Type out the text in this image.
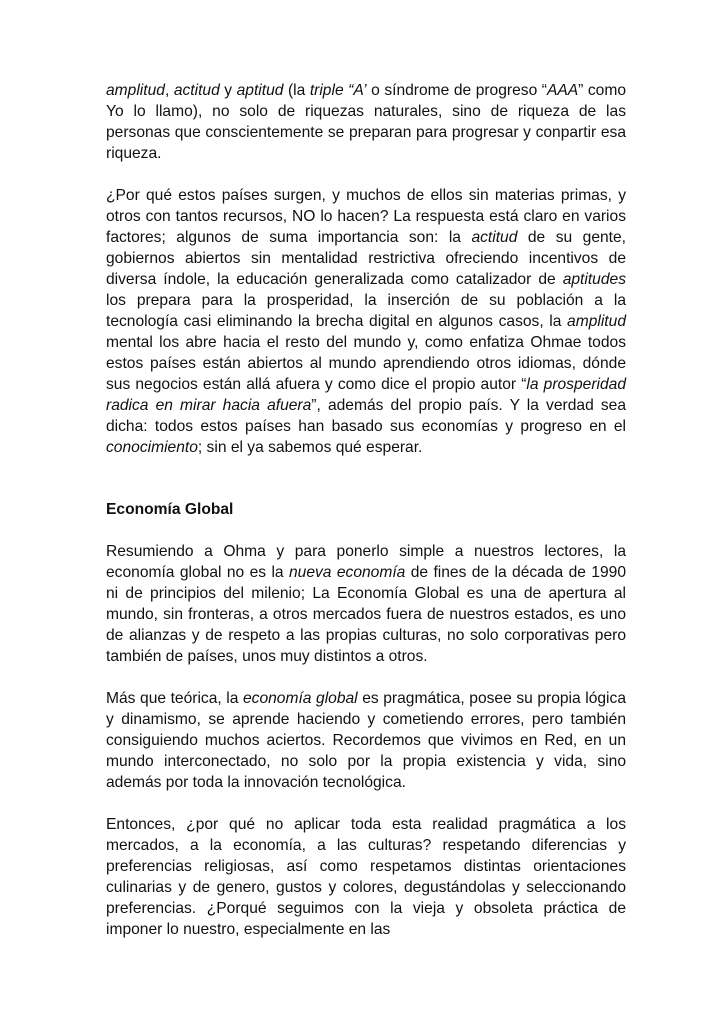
amplitud, actitud y aptitud (la triple “A’ o síndrome de progreso “AAA” como Yo lo llamo), no solo de riquezas naturales, sino de riqueza de las personas que conscientemente se preparan para progresar y conpartir esa riqueza.

¿Por qué estos países surgen, y muchos de ellos sin materias primas, y otros con tantos recursos, NO lo hacen? La respuesta está claro en varios factores; algunos de suma importancia son: la actitud de su gente, gobiernos abiertos sin mentalidad restrictiva ofreciendo incentivos de diversa índole, la educación generalizada como catalizador de aptitudes los prepara para la prosperidad, la inserción de su población a la tecnología casi eliminando la brecha digital en algunos casos, la amplitud mental los abre hacia el resto del mundo y, como enfatiza Ohmae todos estos países están abiertos al mundo aprendiendo otros idiomas, dónde sus negocios están allá afuera y como dice el propio autor “la prosperidad radica en mirar hacia afuera”, además del propio país. Y la verdad sea dicha: todos estos países han basado sus economías y progreso en el conocimiento; sin el ya sabemos qué esperar.

Economía Global

Resumiendo a Ohma y para ponerlo simple a nuestros lectores, la economía global no es la nueva economía de fines de la década de 1990 ni de principios del milenio; La Economía Global es una de apertura al mundo, sin fronteras, a otros mercados fuera de nuestros estados, es uno de alianzas y de respeto a las propias culturas, no solo corporativas pero también de países, unos muy distintos a otros.

Más que teórica, la economía global es pragmática, posee su propia lógica y dinamismo, se aprende haciendo y cometiendo errores, pero también consiguiendo muchos aciertos. Recordemos que vivimos en Red, en un mundo interconectado, no solo por la propia existencia y vida, sino además por toda la innovación tecnológica.

Entonces, ¿por qué no aplicar toda esta realidad pragmática a los mercados, a la economía, a las culturas? respetando diferencias y preferencias religiosas, así como respetamos distintas orientaciones culinarias y de genero, gustos y colores, degustándolas y seleccionando preferencias. ¿Porqué seguimos con la vieja y obsoleta práctica de imponer lo nuestro, especialmente en las
